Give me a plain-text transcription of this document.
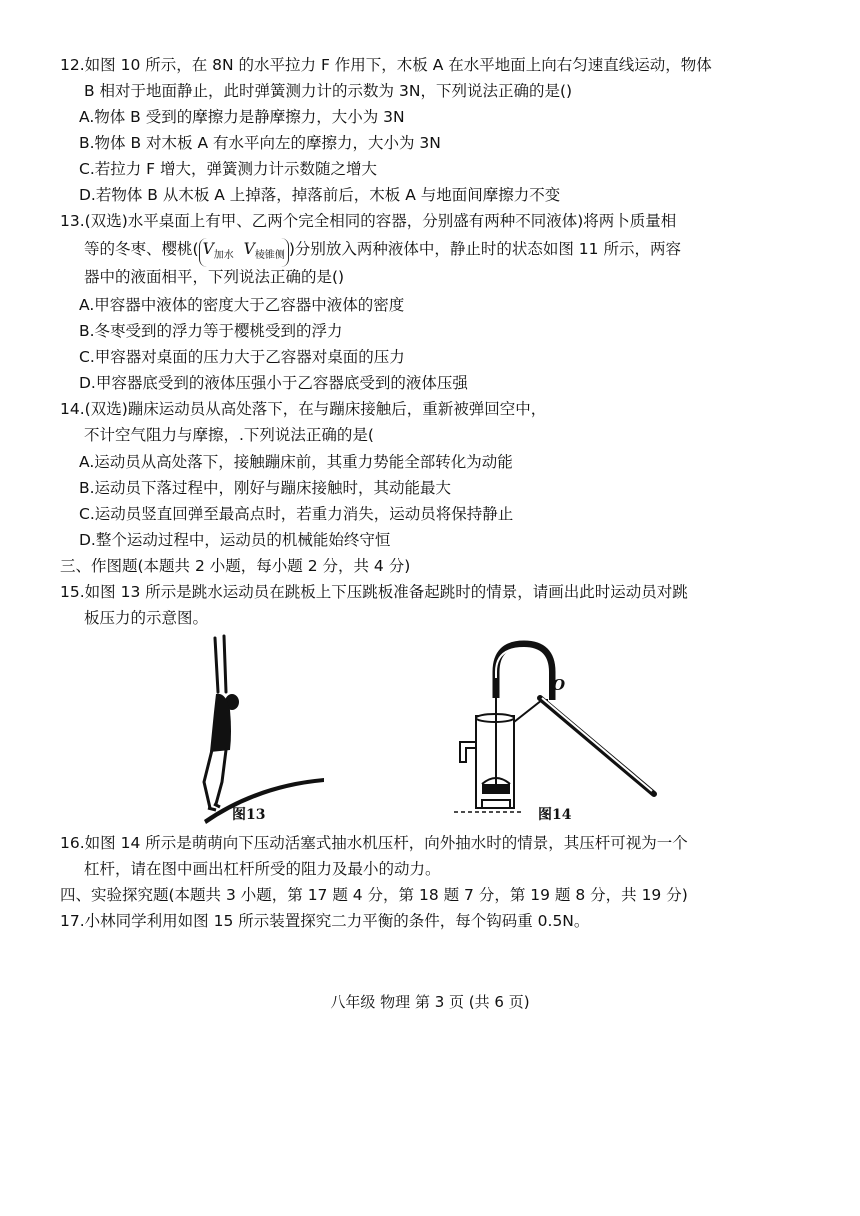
12.如图 10 所示，在 8N 的水平拉力 F 作用下，木板 A 在水平地面上向右匀速直线运动，物体
B 相对于地面静止，此时弹簧测力计的示数为 3N，下列说法正确的是()
A.物体 B 受到的摩擦力是静摩擦力，大小为 3N
B.物体 B 对木板 A 有水平向左的摩擦力，大小为 3N
C.若拉力 F 增大，弹簧测力计示数随之增大
D.若物体 B 从木板 A 上掉落，掉落前后，木板 A 与地面间摩擦力不变
13.(双选)水平桌面上有甲、乙两个完全相同的容器，分别盛有两种不同液体)将两卜质量相
等的冬枣、樱桃( $V_{加水}$ $V_{棱锥侧}$ )分别放入两种液体中，静止时的状态如图 11 所示，两容
器中的液面相平，下列说法正确的是()
A.甲容器中液体的密度大于乙容器中液体的密度
B.冬枣受到的浮力等于樱桃受到的浮力
C.甲容器对桌面的压力大于乙容器对桌面的压力
D.甲容器底受到的液体压强小于乙容器底受到的液体压强
14.(双选)蹦床运动员从高处落下，在与蹦床接触后，重新被弹回空中，
不计空气阻力与摩擦，.下列说法正确的是(
A.运动员从高处落下，接触蹦床前，其重力势能全部转化为动能
B.运动员下落过程中，刚好与蹦床接触时，其动能最大
C.运动员竖直回弹至最高点时，若重力消失，运动员将保持静止
D.整个运动过程中，运动员的机械能始终守恒
三、作图题(本题共 2 小题，每小题 2 分，共 4 分)
15.如图 13 所示是跳水运动员在跳板上下压跳板准备起跳时的情景，请画出此时运动员对跳
板压力的示意图。
图13
O
图14
16.如图 14 所示是萌萌向下压动活塞式抽水机压杆，向外抽水时的情景，其压杆可视为一个
杠杆，请在图中画出杠杆所受的阻力及最小的动力。
四、实验探究题(本题共 3 小题，第 17 题 4 分，第 18 题 7 分，第 19 题 8 分，共 19 分)
17.小林同学利用如图 15 所示装置探究二力平衡的条件，每个钩码重 0.5N。
八年级 物理 第 3 页 (共 6 页)
